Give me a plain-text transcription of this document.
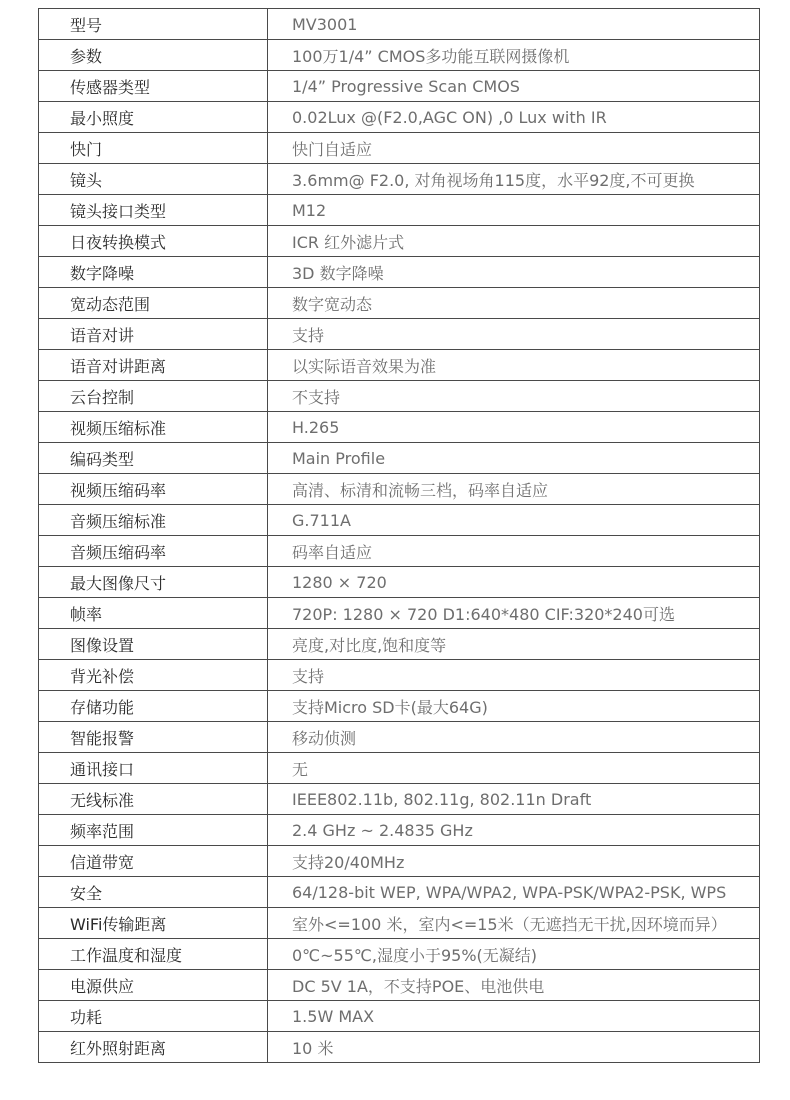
型号	MV3001
参数	100万1/4” CMOS多功能互联网摄像机
传感器类型	1/4” Progressive Scan CMOS
最小照度	0.02Lux @(F2.0,AGC ON) ,0 Lux with IR
快门	快门自适应
镜头	3.6mm@ F2.0, 对角视场角115度，水平92度,不可更换
镜头接口类型	M12
日夜转换模式	ICR 红外滤片式
数字降噪	3D 数字降噪
宽动态范围	数字宽动态
语音对讲	支持
语音对讲距离	以实际语音效果为准
云台控制	不支持
视频压缩标准	H.265
编码类型	Main Profile
视频压缩码率	高清、标清和流畅三档，码率自适应
音频压缩标准	G.711A
音频压缩码率	码率自适应
最大图像尺寸	1280 × 720
帧率	720P: 1280 × 720 D1:640*480 CIF:320*240可选
图像设置	亮度,对比度,饱和度等
背光补偿	支持
存储功能	支持Micro SD卡(最大64G)
智能报警	移动侦测
通讯接口	无
无线标准	IEEE802.11b, 802.11g, 802.11n Draft
频率范围	2.4 GHz ~ 2.4835 GHz
信道带宽	支持20/40MHz
安全	64/128-bit WEP, WPA/WPA2, WPA-PSK/WPA2-PSK, WPS
WiFi传输距离	室外<=100 米，室内<=15米（无遮挡无干扰,因环境而异）
工作温度和湿度	0℃~55℃,湿度小于95%(无凝结)
电源供应	DC 5V 1A，不支持POE、电池供电
功耗	1.5W MAX
红外照射距离	10 米
